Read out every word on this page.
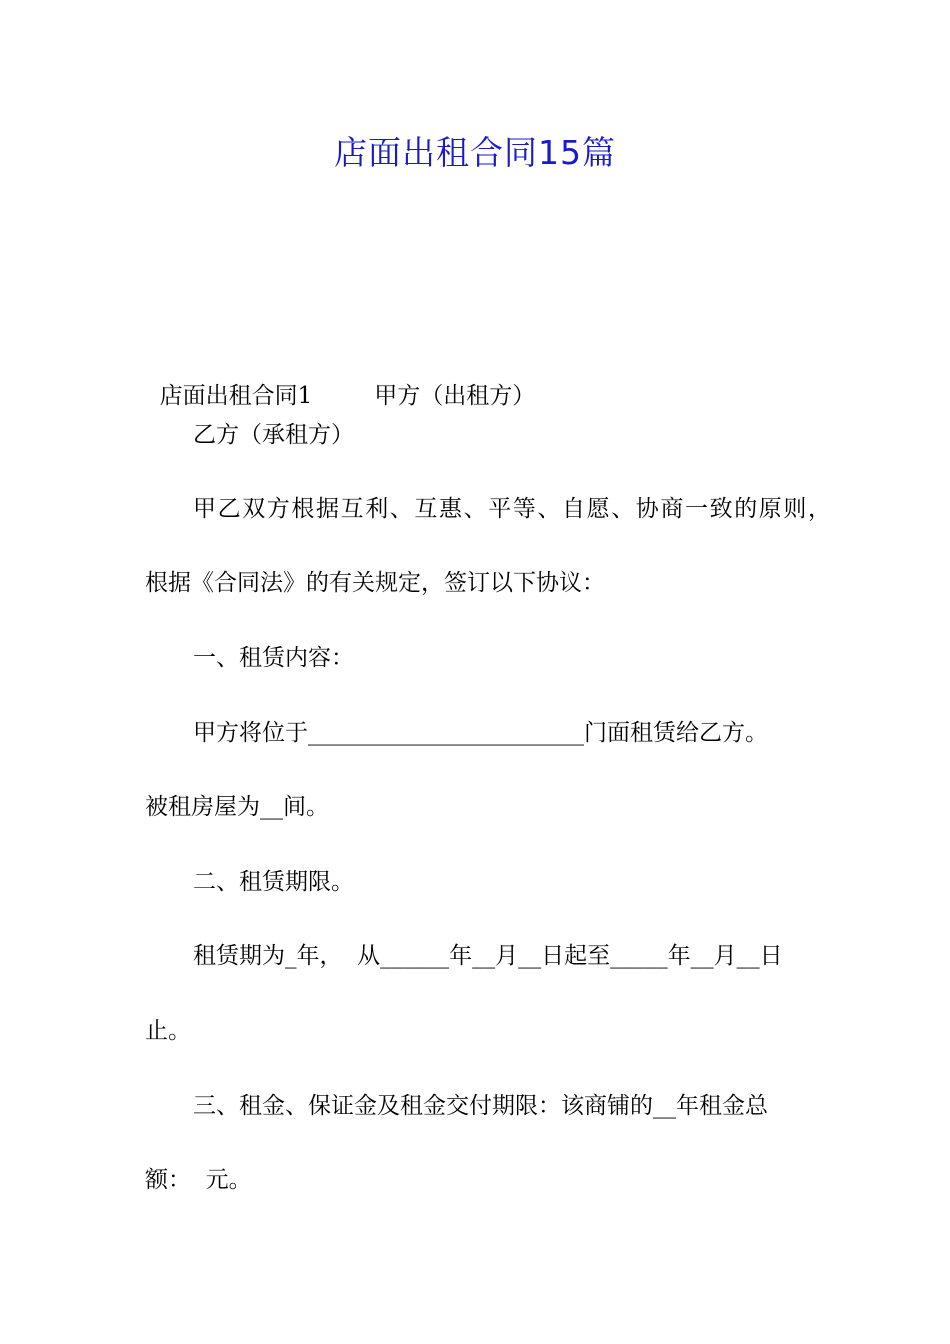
店面出租合同15篇

店面出租合同1	甲方（出租方）

乙方（承租方）

甲乙双方根据互利、互惠、平等、自愿、协商一致的原则，

根据《合同法》的有关规定，签订以下协议：

一、租赁内容：

甲方将位于________________________门面租赁给乙方。

被租房屋为__间。

二、租赁期限。

租赁期为_年，  从______年__月__日起至_____年__月__日

止。

三、租金、保证金及租金交付期限：该商铺的__年租金总

额：  元。
